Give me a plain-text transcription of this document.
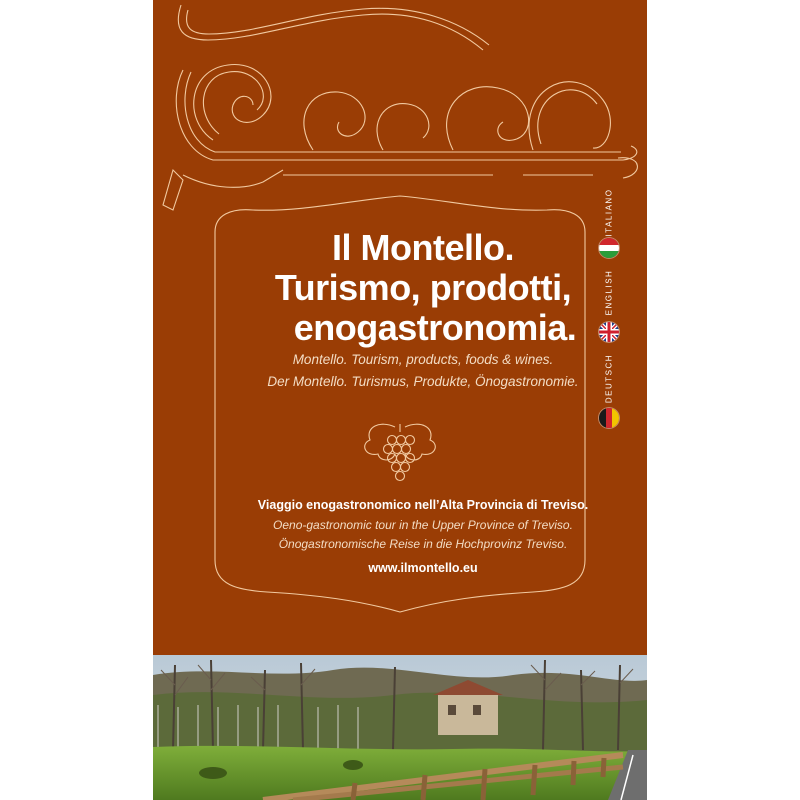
Il Montello.
Turismo, prodotti,
enogastronomia.
Montello. Tourism, products, foods & wines.
Der Montello. Turismus, Produkte, Önogastronomie.
Viaggio enogastronomico nell’Alta Provincia di Treviso.
Oeno-gastronomic tour in the Upper Province of Treviso.
Önogastronomische Reise in die Hochprovinz Treviso.
www.ilmontello.eu
ITALIANO
ENGLISH
DEUTSCH
